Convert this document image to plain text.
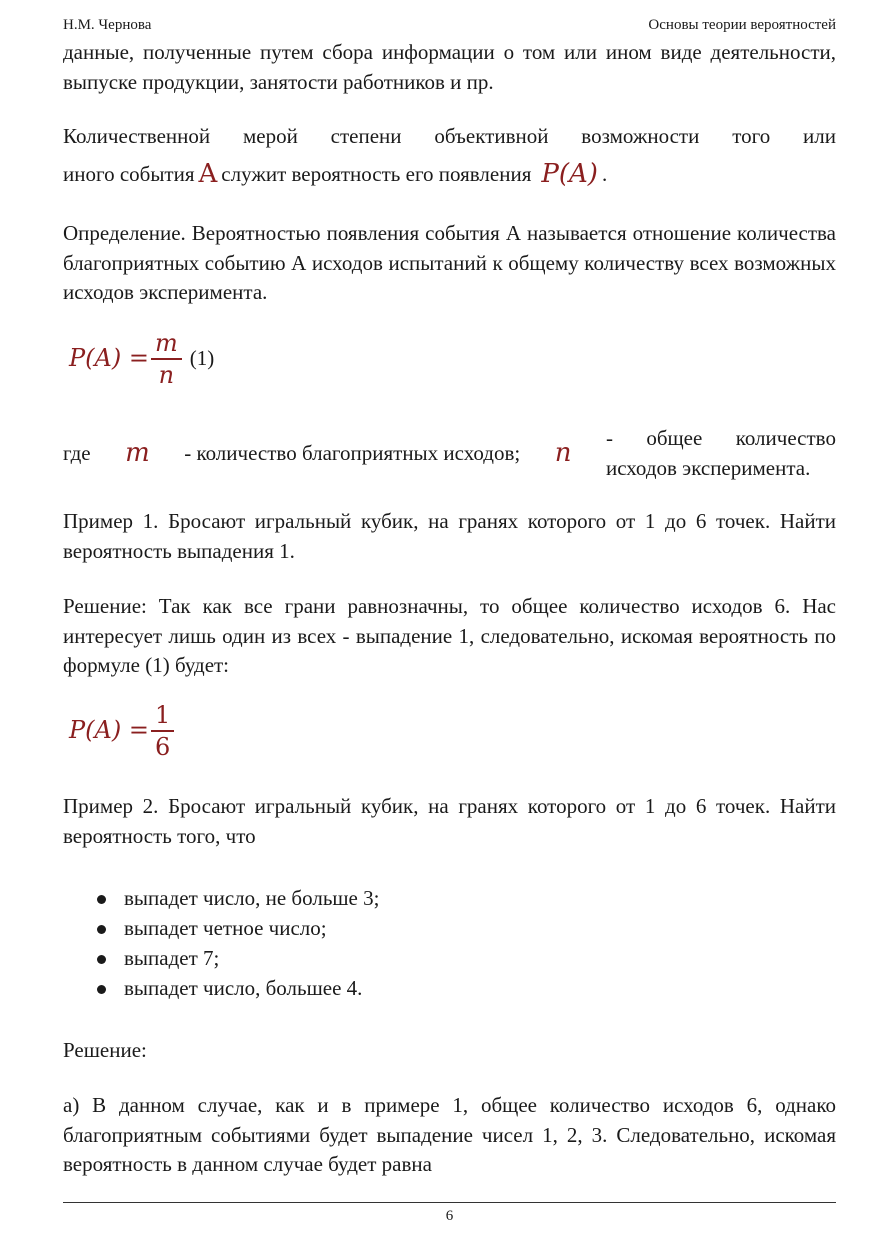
Н.М. Чернова	Основы теории вероятностей
данные, полученные путем сбора информации о том или ином виде деятельности, выпуске продукции, занятости работников и пр.
Количественной мерой степени объективной возможности того или
иного события A служит вероятность его появления P(A) .
Определение. Вероятностью появления события А называется отношение количества благоприятных событию А исходов испытаний к общему количеству всех возможных исходов эксперимента.
$P(A) = \frac{m}{n} (1)$
где m - количество благоприятных исходов; n - общее количество исходов эксперимента.
Пример 1. Бросают игральный кубик, на гранях которого от 1 до 6 точек. Найти вероятность выпадения 1.
Решение: Так как все грани равнозначны, то общее количество исходов 6. Нас интересует лишь один из всех - выпадение 1, следовательно, искомая вероятность по формуле (1) будет:
$P(A) = \frac{1}{6}$
Пример 2. Бросают игральный кубик, на гранях которого от 1 до 6 точек. Найти вероятность того, что
выпадет число, не больше 3;
выпадет четное число;
выпадет 7;
выпадет число, большее 4.
Решение:
а) В данном случае, как и в примере 1, общее количество исходов 6, однако благоприятным событиями будет выпадение чисел 1, 2, 3. Следовательно, искомая вероятность в данном случае будет равна
6
